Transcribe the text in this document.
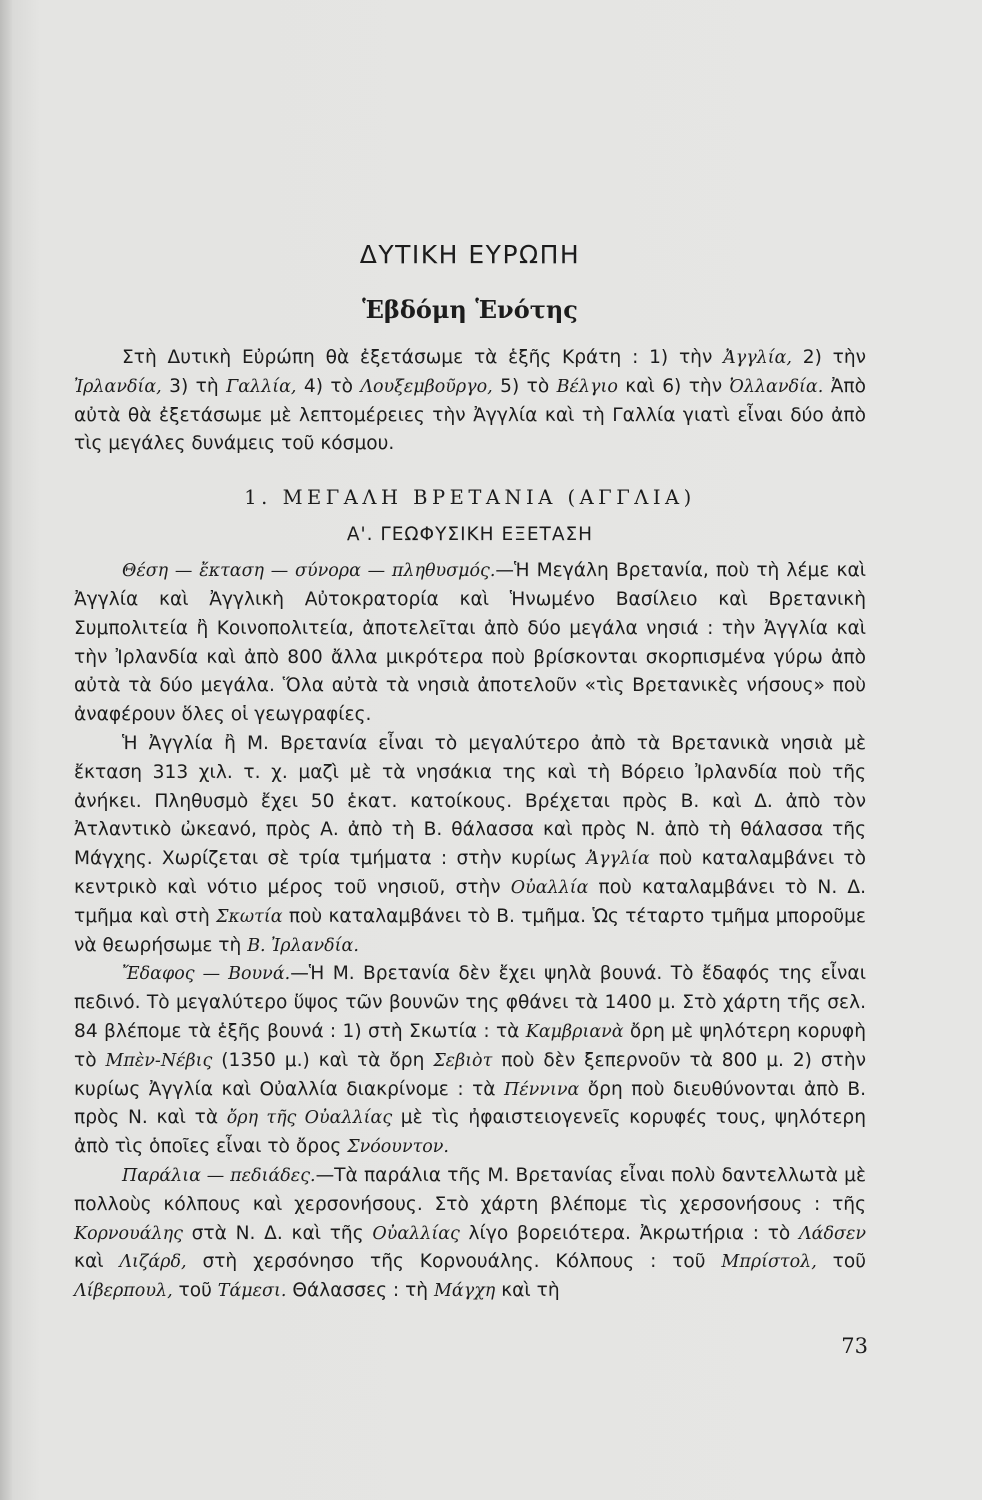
ΔΥΤΙΚΗ ΕΥΡΩΠΗ
Ἑβδόμη Ἑνότης

Στὴ Δυτικὴ Εὐρώπη θὰ ἐξετάσωμε τὰ ἑξῆς Κράτη : 1) τὴν Ἀγγλία, 2) τὴν Ἰρλανδία, 3) τὴ Γαλλία, 4) τὸ Λουξεμβοῦργο, 5) τὸ Βέλγιο καὶ 6) τὴν Ὀλλανδία. Ἀπὸ αὐτὰ θὰ ἐξετάσωμε μὲ λεπτομέρειες τὴν Ἀγγλία καὶ τὴ Γαλλία γιατὶ εἶναι δύο ἀπὸ τὶς μεγάλες δυνάμεις τοῦ κόσμου.

1. ΜΕΓΑΛΗ ΒΡΕΤΑΝΙΑ (ΑΓΓΛΙΑ)
Α'. ΓΕΩΦΥΣΙΚΗ ΕΞΕΤΑΣΗ

Θέση — ἔκταση — σύνορα — πληθυσμός.—Ἡ Μεγάλη Βρετανία, ποὺ τὴ λέμε καὶ Ἀγγλία καὶ Ἀγγλικὴ Αὐτοκρατορία καὶ Ἡνωμένο Βασίλειο καὶ Βρετανικὴ Συμπολιτεία ἢ Κοινοπολιτεία, ἀποτελεῖται ἀπὸ δύο μεγάλα νησιά : τὴν Ἀγγλία καὶ τὴν Ἰρλανδία καὶ ἀπὸ 800 ἄλλα μικρότερα ποὺ βρίσκονται σκορπισμένα γύρω ἀπὸ αὐτὰ τὰ δύο μεγάλα. Ὅλα αὐτὰ τὰ νησιὰ ἀποτελοῦν «τὶς Βρετανικὲς νήσους» ποὺ ἀναφέρουν ὅλες οἱ γεωγραφίες.

Ἡ Ἀγγλία ἢ Μ. Βρετανία εἶναι τὸ μεγαλύτερο ἀπὸ τὰ Βρετανικὰ νησιὰ μὲ ἔκταση 313 χιλ. τ. χ. μαζὶ μὲ τὰ νησάκια της καὶ τὴ Βόρειο Ἰρλανδία ποὺ τῆς ἀνήκει. Πληθυσμὸ ἔχει 50 ἑκατ. κατοίκους. Βρέχεται πρὸς Β. καὶ Δ. ἀπὸ τὸν Ἀτλαντικὸ ὠκεανό, πρὸς Α. ἀπὸ τὴ Β. θάλασσα καὶ πρὸς Ν. ἀπὸ τὴ θάλασσα τῆς Μάγχης. Χωρίζεται σὲ τρία τμήματα : στὴν κυρίως Ἀγγλία ποὺ καταλαμβάνει τὸ κεντρικὸ καὶ νότιο μέρος τοῦ νησιοῦ, στὴν Οὐαλλία ποὺ καταλαμβάνει τὸ Ν. Δ. τμῆμα καὶ στὴ Σκωτία ποὺ καταλαμβάνει τὸ Β. τμῆμα. Ὡς τέταρτο τμῆμα μποροῦμε νὰ θεωρήσωμε τὴ Β. Ἰρλανδία.

Ἔδαφος — Βουνά.—Ἡ Μ. Βρετανία δὲν ἔχει ψηλὰ βουνά. Τὸ ἔδαφός της εἶναι πεδινό. Τὸ μεγαλύτερο ὕψος τῶν βουνῶν της φθάνει τὰ 1400 μ. Στὸ χάρτη τῆς σελ. 84 βλέπομε τὰ ἑξῆς βουνά : 1) στὴ Σκωτία : τὰ Καμβριανὰ ὄρη μὲ ψηλότερη κορυφὴ τὸ Μπὲν-Νέβις (1350 μ.) καὶ τὰ ὄρη Σεβιὸτ ποὺ δὲν ξεπερνοῦν τὰ 800 μ. 2) στὴν κυρίως Ἀγγλία καὶ Οὐαλλία διακρίνομε : τὰ Πέννινα ὄρη ποὺ διευθύνονται ἀπὸ Β. πρὸς Ν. καὶ τὰ ὄρη τῆς Οὐαλλίας μὲ τὶς ἠφαιστειογενεῖς κορυφές τους, ψηλότερη ἀπὸ τὶς ὁποῖες εἶναι τὸ ὄρος Σνόουντον.

Παράλια — πεδιάδες.—Τὰ παράλια τῆς Μ. Βρετανίας εἶναι πολὺ δαντελλωτὰ μὲ πολλοὺς κόλπους καὶ χερσονήσους. Στὸ χάρτη βλέπομε τὶς χερσονήσους : τῆς Κορνουάλης στὰ Ν. Δ. καὶ τῆς Οὐαλλίας λίγο βορειότερα. Ἀκρωτήρια : τὸ Λάδσεν καὶ Λιζάρδ, στὴ χερσόνησο τῆς Κορνουάλης. Κόλπους : τοῦ Μπρίστολ, τοῦ Λίβερπουλ, τοῦ Τάμεσι. Θάλασσες : τὴ Μάγχη καὶ τὴ

73
